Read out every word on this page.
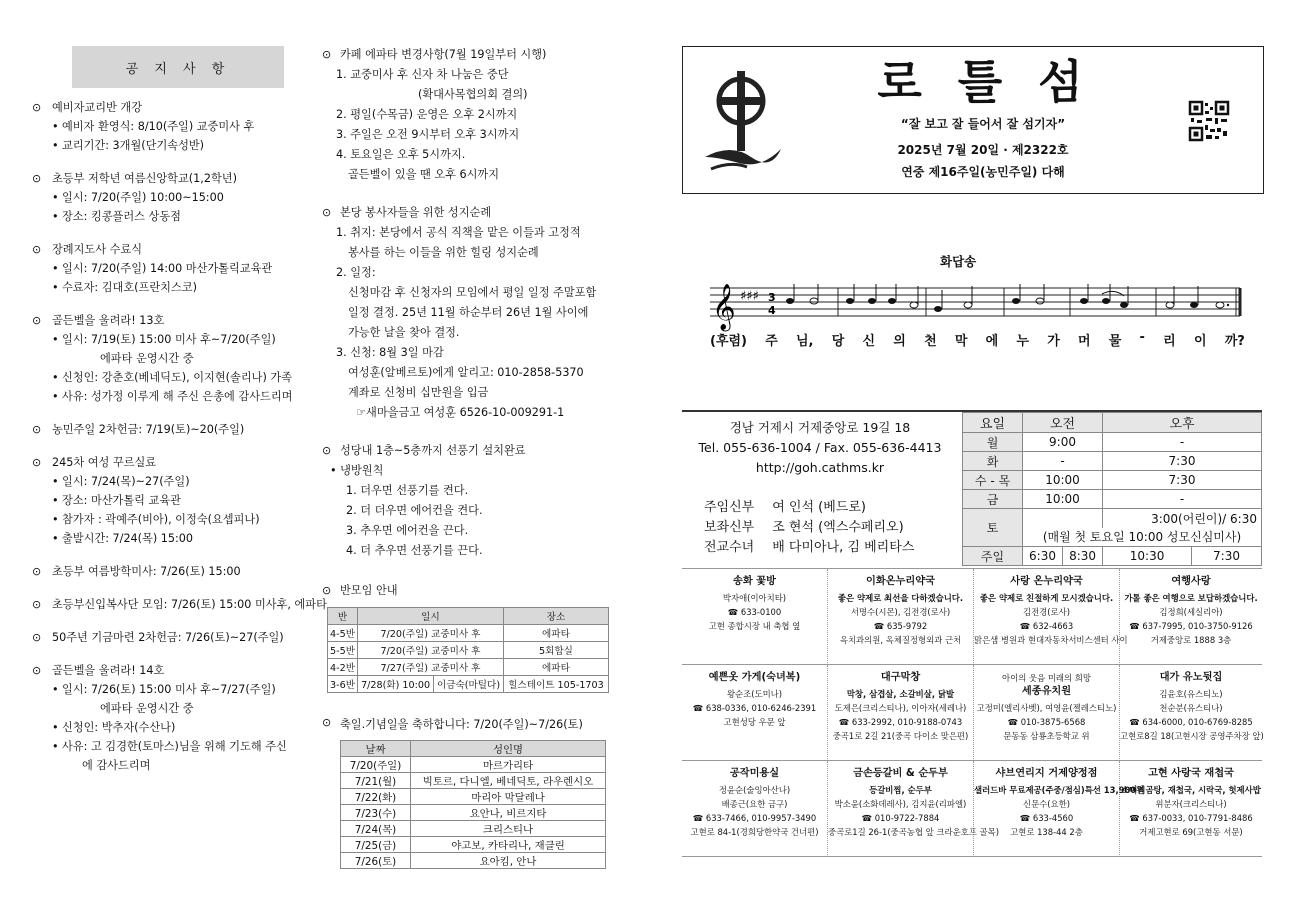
공 지 사 항
⊙ 예비자교리반 개강
• 예비자 환영식: 8/10(주일) 교중미사 후
• 교리기간: 3개월(단기속성반)
⊙ 초등부 저학년 여름신앙학교(1,2학년)
• 일시: 7/20(주일) 10:00~15:00
• 장소: 킹콩플러스 상동점
⊙ 장례지도사 수료식
• 일시: 7/20(주일) 14:00 마산가톨릭교육관
• 수료자: 김대호(프란치스코)
⊙ 골든벨을 울려라! 13호
• 일시: 7/19(토) 15:00 미사 후~7/20(주일)
에파타 운영시간 중
• 신청인: 강춘호(베네딕도), 이지현(솔리나) 가족
• 사유: 성가정 이루게 해 주신 은총에 감사드리며
⊙ 농민주일 2차헌금: 7/19(토)~20(주일)
⊙ 245차 여성 꾸르실료
• 일시: 7/24(목)~27(주일)
• 장소: 마산가톨릭 교육관
• 참가자 : 곽예주(비아), 이정숙(요셉피나)
• 출발시간: 7/24(목) 15:00
⊙ 초등부 여름방학미사: 7/26(토) 15:00
⊙ 초등부신입복사단 모임: 7/26(토) 15:00 미사후, 에파타
⊙ 50주년 기금마련 2차헌금: 7/26(토)~27(주일)
⊙ 골든벨을 울려라! 14호
• 일시: 7/26(토) 15:00 미사 후~7/27(주일)
에파타 운영시간 중
• 신청인: 박추자(수산나)
• 사유: 고 김경한(토마스)님을 위해 기도해 주신
에 감사드리며
⊙ 카페 에파타 변경사항(7월 19일부터 시행)
1. 교중미사 후 신자 차 나눔은 중단
(확대사목협의회 결의)
2. 평일(수목금) 운영은 오후 2시까지
3. 주일은 오전 9시부터 오후 3시까지
4. 토요일은 오후 5시까지.
골든벨이 있을 땐 오후 6시까지
⊙ 본당 봉사자들을 위한 성지순례
1. 취지: 본당에서 공식 직책을 맡은 이들과 고정적
봉사를 하는 이들을 위한 힐링 성지순례
2. 일정:
신청마감 후 신청자의 모임에서 평일 일정 주말포함
일정 결정. 25년 11월 하순부터 26년 1월 사이에
가능한 날을 찾아 결정.
3. 신청: 8월 3일 마감
여성훈(알베르토)에게 알리고: 010-2858-5370
계좌로 신청비 십만원을 입금
☞새마을금고 여성훈 6526-10-009291-1
⊙ 성당내 1층~5층까지 선풍기 설치완료
• 냉방원칙
1. 더우면 선풍기를 켠다.
2. 더 더우면 에어컨을 켠다.
3. 추우면 에어컨을 끈다.
4. 더 추우면 선풍기를 끈다.
⊙ 반모임 안내
반	일시		장소
4-5반	7/20(주일) 교중미사 후		에파타
5-5반	7/20(주일) 교중미사 후		5회합실
4-2반	7/27(주일) 교중미사 후		에파타
3-6반	7/28(화) 10:00	이금숙(마틸다)	힐스테이트 105-1703
⊙ 축일.기념일을 축하합니다: 7/20(주일)~7/26(토)
날짜	성인명
7/20(주일)	마르가리타
7/21(월)	빅토르, 다니엘, 베네딕토, 라우렌시오
7/22(화)	마리아 막달레나
7/23(수)	요안나, 비르지타
7/24(목)	크리스티나
7/25(금)	야고보, 카타리나, 재클린
7/26(토)	요아킴, 안나
로 틀 섬
“잘 보고 잘 들어서 잘 섬기자”
2025년 7월 20일 · 제2322호
연중 제16주일(농민주일) 다해
화답송
𝄞 ♯♯♯ 3
4
(후렴) 주 님, 당 신 의 천 막 에 누 가 머 물 - 리 이 까?
경남 거제시 거제중앙로 19길 18
Tel. 055-636-1004 / Fax. 055-636-4413
http://goh.cathms.kr
주임신부 여 인석 (베드로)
보좌신부 조 현석 (엑스수페리오)
전교수녀 배 다미아나, 김 베리타스
요일	오전		오후	
월	9:00		-	
화	-		7:30	
수 - 목	10:00		7:30	
금	10:00		-	
토			3:00(어린이)/ 6:30	
	(매월 첫 토요일 10:00 성모신심미사)			
주일	6:30	8:30	10:30	7:30
송화 꽃방
박자애(이아치타)
☎ 633-0100
고현 종합시장 내 축협 옆
이화온누리약국
좋은 약제로 최선을 다하겠습니다.
서명수(시몬), 김전경(로사)
☎ 635-9792
옥치과의원, 옥체질정형외과 근처
사랑 온누리약국
좋은 약제로 친절하게 모시겠습니다.
김전경(로사)
☎ 632-4663
맑은샘 병원과 현대자동차서비스센터 사이
여행사랑
가톨 좋은 여행으로 보답하겠습니다.
김정희(세실리아)
☎ 637-7995, 010-3750-9126
거제중앙로 1888 3층
예쁜옷 가게(숙녀복)
왕순조(도미나)
☎ 638-0336, 010-6246-2391
고현성당 우문 앞
대구막창
막창, 삼겹살, 소갈비살, 닭발
도제은(크리스티나), 이아자(세레나)
☎ 633-2992, 010-9188-0743
중곡1로 2길 21(중곡 다이소 맞은편)
아이의 웃음 미래의 희망
세종유치원
고정미(엘리사벳), 여영윤(젤레스티노)
☎ 010-3875-6568
문동동 삼룡초등학교 위
대가 유노뒷집
김윤호(유스티노)
천순분(유스티나)
☎ 634-6000, 010-6769-8285
고현로8길 18(고현시장 공영주차장 앞)
공작미용실
정윤순(술잉아산나)
배종근(요한 금구)
☎ 633-7466, 010-9957-3490
고현로 84-1(경희당한약국 건너편)
금손등갈비 & 순두부
등갈비찜, 순두부
박소윤(소화데레사), 김지윤(리파엘)
☎ 010-9722-7884
중곡로1길 26-1(중곡농협 앞 크라운호프 골목)
샤브연리지 거제양정점
샐러드바 무료제공(주중/점심)특선 13,900원
신문수(요한)
☎ 633-4560
고현로 138-44 2층
고현 사랑국 재첩국
소머리곰탕, 재첩국, 시락국, 헛제사밥
위분자(크리스티나)
☎ 637-0033, 010-7791-8486
거제고현로 69(고현동 서문)
